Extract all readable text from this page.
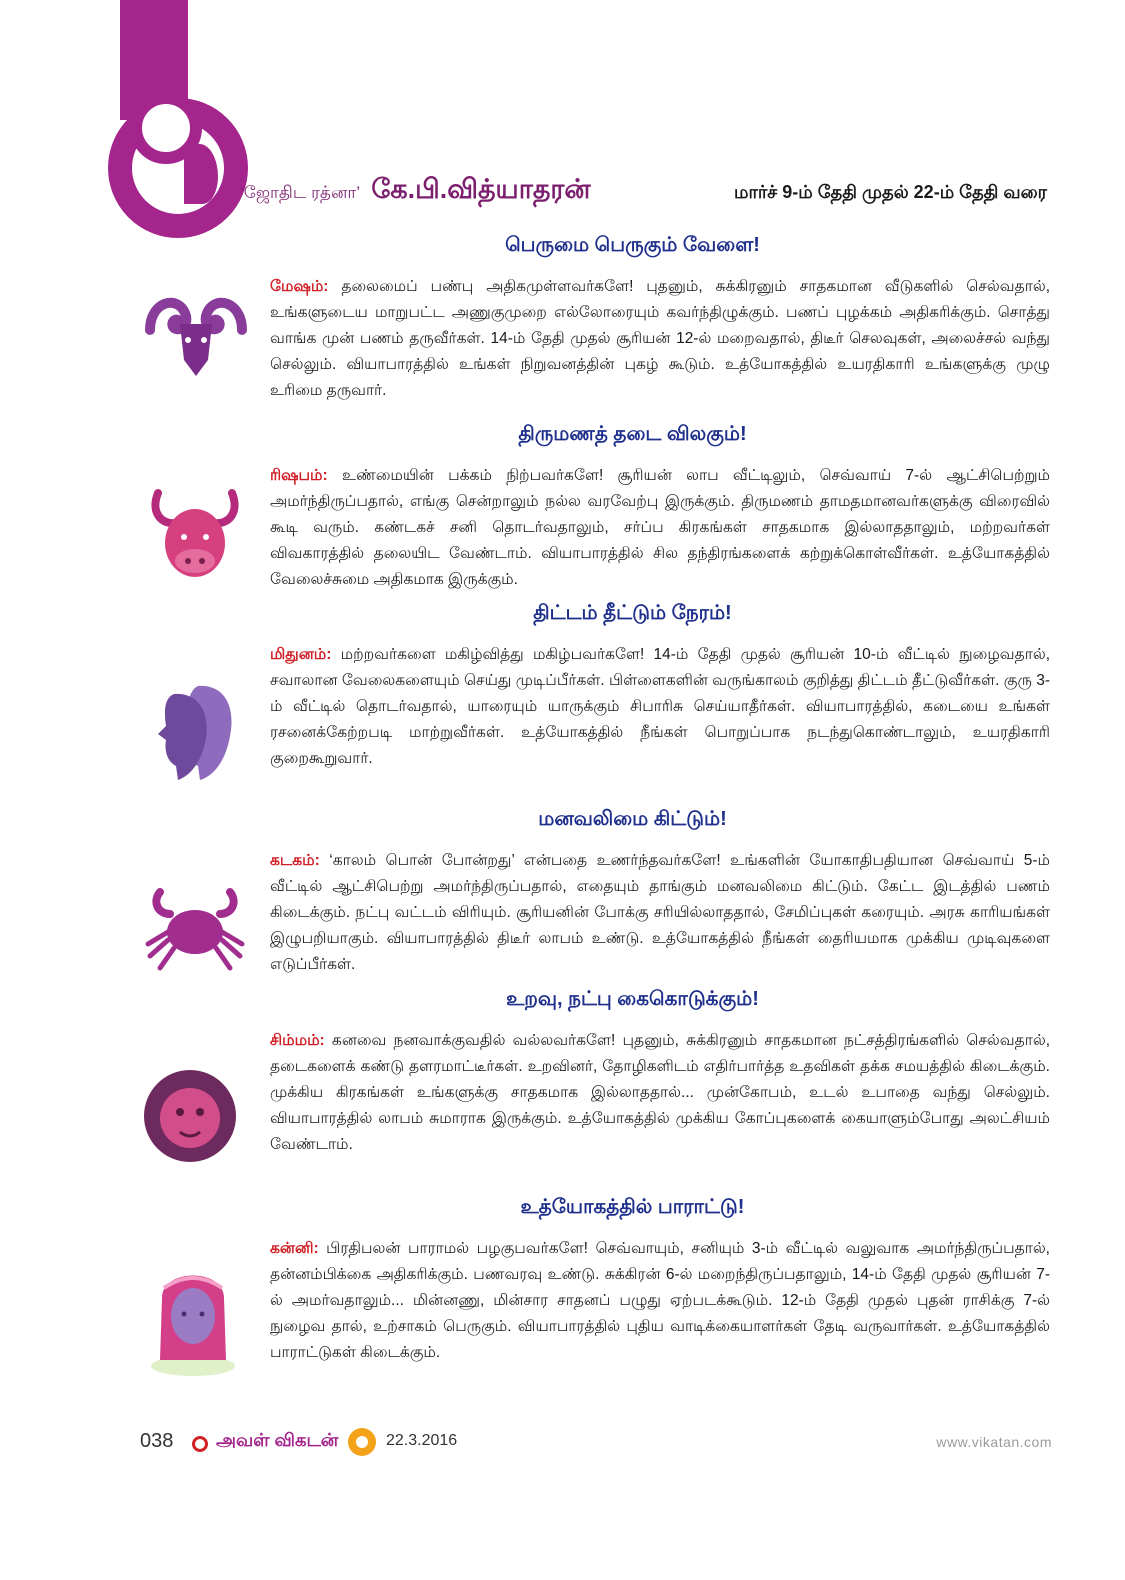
‘ஜோதிட ரத்னா’ கே.பி.வித்யாதரன்	மார்ச் 9-ம் தேதி முதல் 22-ம் தேதி வரை
பெருமை பெருகும் வேளை!

மேஷம்: தலைமைப் பண்பு அதிகமுள்ளவர்களே! புதனும், சுக்கிரனும் சாதகமான வீடுகளில் செல்வதால், உங்களுடைய மாறுபட்ட அணுகுமுறை எல்லோரையும் கவர்ந்திழுக்கும். பணப் புழக்கம் அதிகரிக்கும். சொத்து வாங்க முன் பணம் தருவீர்கள். 14-ம் தேதி முதல் சூரியன் 12-ல் மறைவதால், திடீர் செலவுகள், அலைச்சல் வந்து செல்லும். வியாபாரத்தில் உங்கள் நிறுவனத்தின் புகழ் கூடும். உத்யோகத்தில் உயரதிகாரி உங்களுக்கு முழு உரிமை தருவார்.

திருமணத் தடை விலகும்!

ரிஷபம்: உண்மையின் பக்கம் நிற்பவர்களே! சூரியன் லாப வீட்டிலும், செவ்வாய் 7-ல் ஆட்சிபெற்றும் அமர்ந்திருப்பதால், எங்கு சென்றாலும் நல்ல வரவேற்பு இருக்கும். திருமணம் தாமதமானவர்களுக்கு விரைவில் கூடி வரும். கண்டகச் சனி தொடர்வதாலும், சர்ப்ப கிரகங்கள் சாதகமாக இல்லாததாலும், மற்றவர்கள் விவகாரத்தில் தலையிட வேண்டாம். வியாபாரத்தில் சில தந்திரங்களைக் கற்றுக்கொள்வீர்கள். உத்யோகத்தில் வேலைச்சுமை அதிகமாக இருக்கும்.

திட்டம் தீட்டும் நேரம்!

மிதுனம்: மற்றவர்களை மகிழ்வித்து மகிழ்பவர்களே! 14-ம் தேதி முதல் சூரியன் 10-ம் வீட்டில் நுழைவதால், சவாலான வேலைகளையும் செய்து முடிப்பீர்கள். பிள்ளைகளின் வருங்காலம் குறித்து திட்டம் தீட்டுவீர்கள். குரு 3-ம் வீட்டில் தொடர்வதால், யாரையும் யாருக்கும் சிபாரிசு செய்யாதீர்கள். வியாபாரத்தில், கடையை உங்கள் ரசனைக்கேற்றபடி மாற்றுவீர்கள். உத்யோகத்தில் நீங்கள் பொறுப்பாக நடந்துகொண்டாலும், உயரதிகாரி குறைகூறுவார்.

மனவலிமை கிட்டும்!

கடகம்: ‘காலம் பொன் போன்றது’ என்பதை உணர்ந்தவர்களே! உங்களின் யோகாதிபதியான செவ்வாய் 5-ம் வீட்டில் ஆட்சிபெற்று அமர்ந்திருப்பதால், எதையும் தாங்கும் மனவலிமை கிட்டும். கேட்ட இடத்தில் பணம் கிடைக்கும். நட்பு வட்டம் விரியும். சூரியனின் போக்கு சரியில்லாததால், சேமிப்புகள் கரையும். அரசு காரியங்கள் இழுபறியாகும். வியாபாரத்தில் திடீர் லாபம் உண்டு. உத்யோகத்தில் நீங்கள் தைரியமாக முக்கிய முடிவுகளை எடுப்பீர்கள்.

உறவு, நட்பு கைகொடுக்கும்!

சிம்மம்: கனவை நனவாக்குவதில் வல்லவர்களே! புதனும், சுக்கிரனும் சாதகமான நட்சத்திரங்களில் செல்வதால், தடைகளைக் கண்டு தளரமாட்டீர்கள். உறவினர், தோழிகளிடம் எதிர்பார்த்த உதவிகள் தக்க சமயத்தில் கிடைக்கும். முக்கிய கிரகங்கள் உங்களுக்கு சாதகமாக இல்லாததால்... முன்கோபம், உடல் உபாதை வந்து செல்லும். வியாபாரத்தில் லாபம் சுமாராக இருக்கும். உத்யோகத்தில் முக்கிய கோப்புகளைக் கையாளும்போது அலட்சியம் வேண்டாம்.

உத்யோகத்தில் பாராட்டு!

கன்னி: பிரதிபலன் பாராமல் பழகுபவர்களே! செவ்வாயும், சனியும் 3-ம் வீட்டில் வலுவாக அமர்ந்திருப்பதால், தன்னம்பிக்கை அதிகரிக்கும். பணவரவு உண்டு. சுக்கிரன் 6-ல் மறைந்திருப்பதாலும், 14-ம் தேதி முதல் சூரியன் 7-ல் அமர்வதாலும்... மின்னணு, மின்சார சாதனப் பழுது ஏற்படக்கூடும். 12-ம் தேதி முதல் புதன் ராசிக்கு 7-ல் நுழைவ தால், உற்சாகம் பெருகும். வியாபாரத்தில் புதிய வாடிக்கையாளர்கள் தேடி வருவார்கள். உத்யோகத்தில் பாராட்டுகள் கிடைக்கும்.

038 அவள் விகடன்	22.3.2016	www.vikatan.com
